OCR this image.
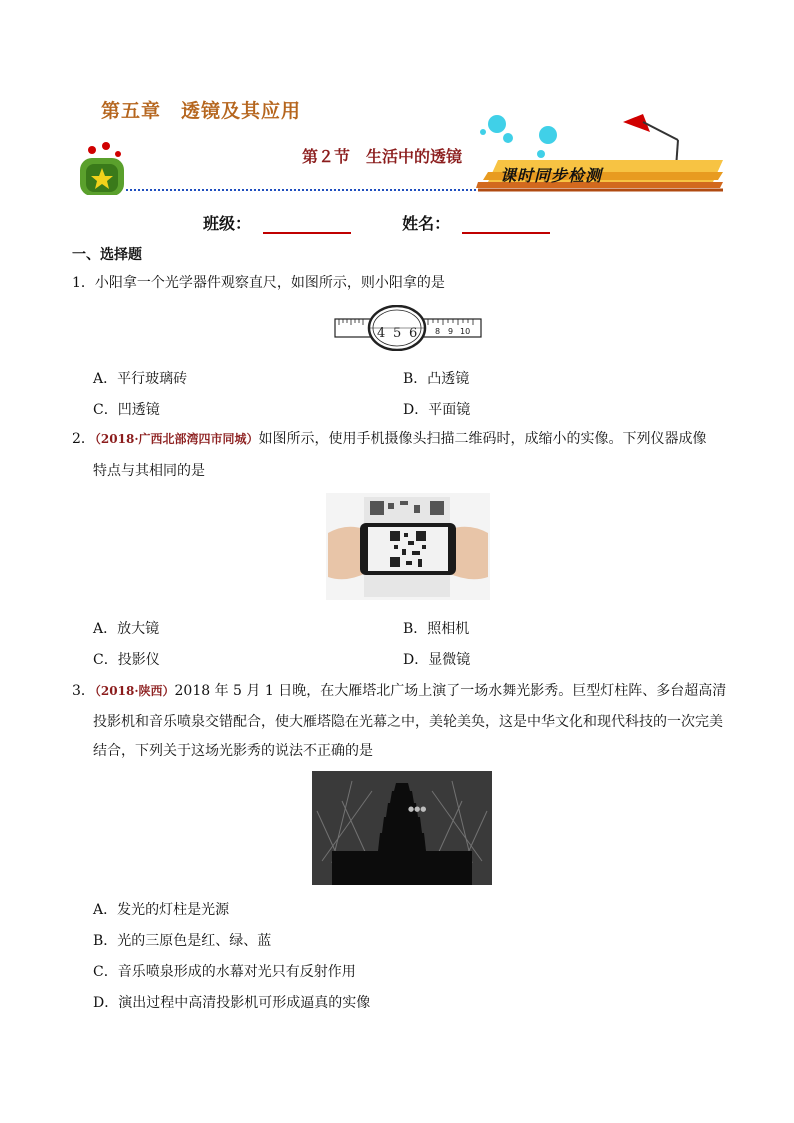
第五章　透镜及其应用
第２节　生活中的透镜
课时同步检测
班级：	姓名：
一、选择题
1．小阳拿一个光学器件观察直尺，如图所示，则小阳拿的是
4 5 6 8 9 10
A．平行玻璃砖	B．凸透镜
C．凹透镜	D．平面镜
2．（2018·广西北部湾四市同城）如图所示，使用手机摄像头扫描二维码时，成缩小的实像。下列仪器成像
特点与其相同的是
A．放大镜	B．照相机
C．投影仪	D．显微镜
3．（2018·陕西）2018 年 5 月 1 日晚，在大雁塔北广场上演了一场水舞光影秀。巨型灯柱阵、多台超高清
投影机和音乐喷泉交错配合，使大雁塔隐在光幕之中，美轮美奂，这是中华文化和现代科技的一次完美
结合，下列关于这场光影秀的说法不正确的是
●●●
A．发光的灯柱是光源
B．光的三原色是红、绿、蓝
C．音乐喷泉形成的水幕对光只有反射作用
D．演出过程中高清投影机可形成逼真的实像
